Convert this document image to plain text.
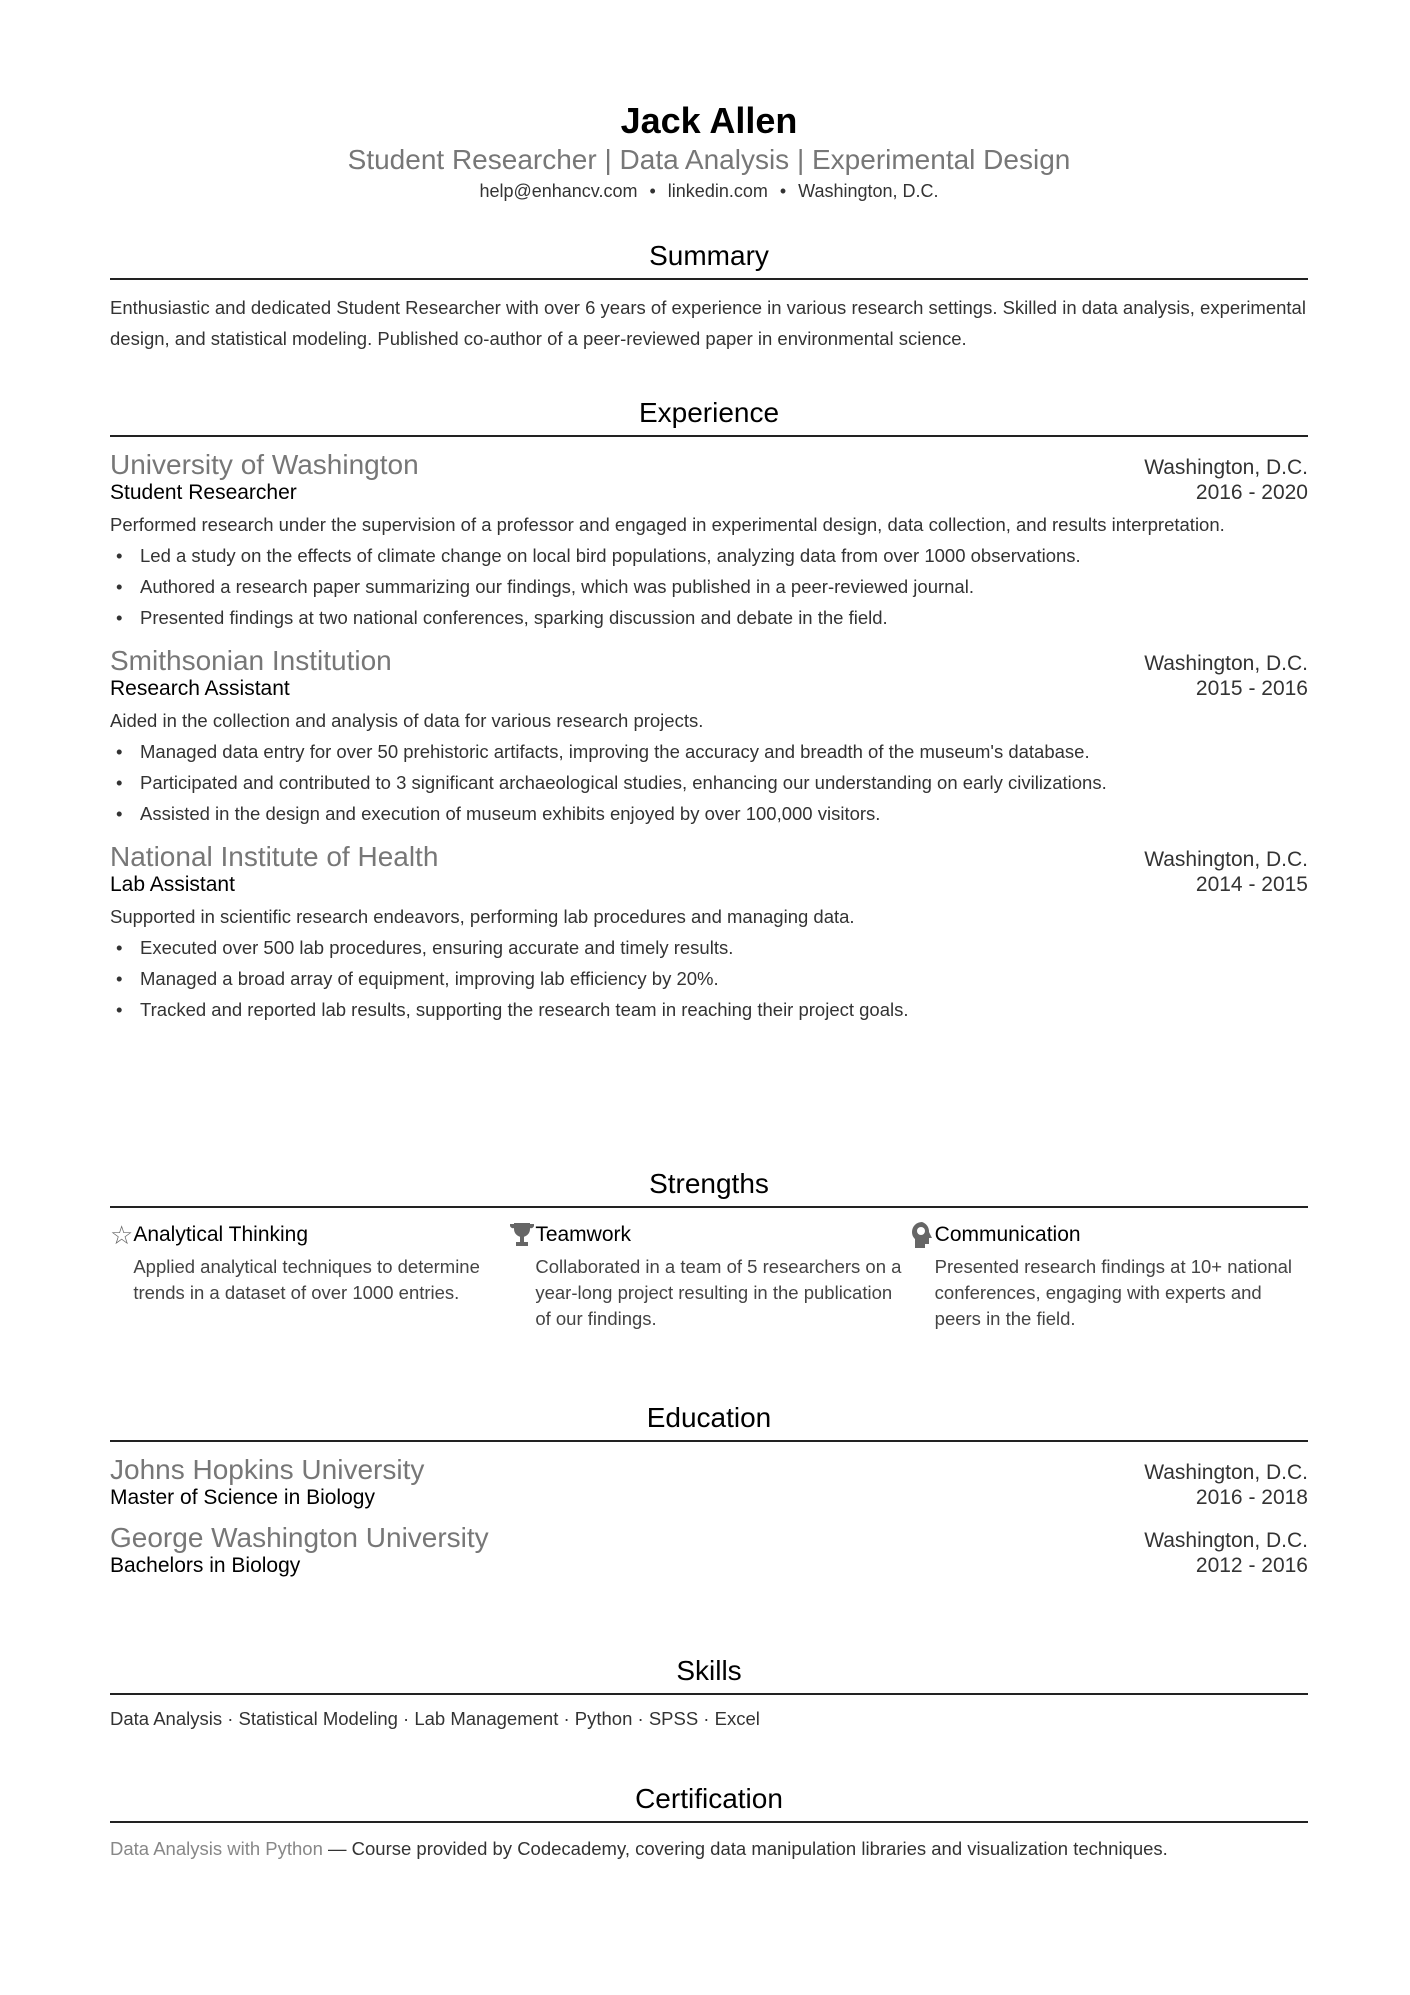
Jack Allen
Student Researcher | Data Analysis | Experimental Design
help@enhancv.com • linkedin.com • Washington, D.C.
Summary
Enthusiastic and dedicated Student Researcher with over 6 years of experience in various research settings. Skilled in data analysis, experimental design, and statistical modeling. Published co-author of a peer-reviewed paper in environmental science.
Experience
University of Washington	Washington, D.C.
Student Researcher	2016 - 2020
Performed research under the supervision of a professor and engaged in experimental design, data collection, and results interpretation.
• Led a study on the effects of climate change on local bird populations, analyzing data from over 1000 observations.
• Authored a research paper summarizing our findings, which was published in a peer-reviewed journal.
• Presented findings at two national conferences, sparking discussion and debate in the field.
Smithsonian Institution	Washington, D.C.
Research Assistant	2015 - 2016
Aided in the collection and analysis of data for various research projects.
• Managed data entry for over 50 prehistoric artifacts, improving the accuracy and breadth of the museum's database.
• Participated and contributed to 3 significant archaeological studies, enhancing our understanding on early civilizations.
• Assisted in the design and execution of museum exhibits enjoyed by over 100,000 visitors.
National Institute of Health	Washington, D.C.
Lab Assistant	2014 - 2015
Supported in scientific research endeavors, performing lab procedures and managing data.
• Executed over 500 lab procedures, ensuring accurate and timely results.
• Managed a broad array of equipment, improving lab efficiency by 20%.
• Tracked and reported lab results, supporting the research team in reaching their project goals.
Strengths
☆ Analytical Thinking
Applied analytical techniques to determine trends in a dataset of over 1000 entries.
Teamwork
Collaborated in a team of 5 researchers on a year-long project resulting in the publication of our findings.
Communication
Presented research findings at 10+ national conferences, engaging with experts and peers in the field.
Education
Johns Hopkins University	Washington, D.C.
Master of Science in Biology	2016 - 2018
George Washington University	Washington, D.C.
Bachelors in Biology	2012 - 2016
Skills
Data Analysis · Statistical Modeling · Lab Management · Python · SPSS · Excel
Certification
Data Analysis with Python — Course provided by Codecademy, covering data manipulation libraries and visualization techniques.
